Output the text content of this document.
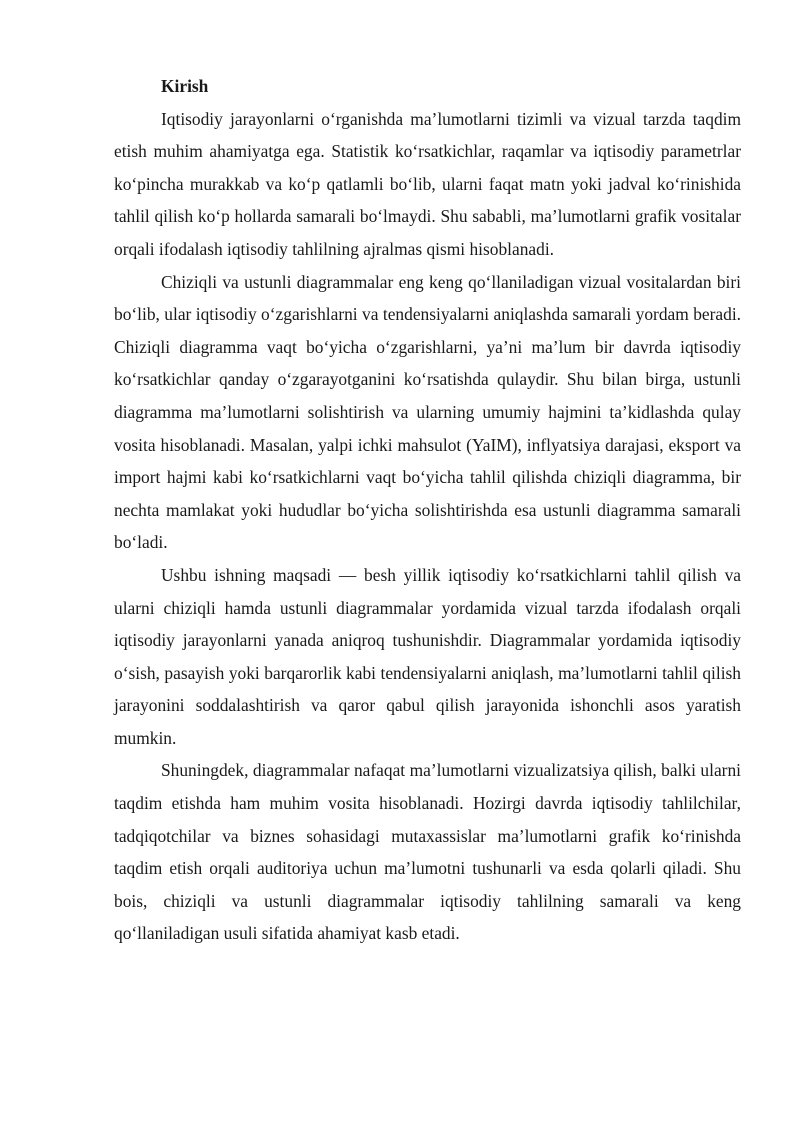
Kirish

Iqtisodiy jarayonlarni o‘rganishda ma’lumotlarni tizimli va vizual tarzda taqdim etish muhim ahamiyatga ega. Statistik ko‘rsatkichlar, raqamlar va iqtisodiy parametrlar ko‘pincha murakkab va ko‘p qatlamli bo‘lib, ularni faqat matn yoki jadval ko‘rinishida tahlil qilish ko‘p hollarda samarali bo‘lmaydi. Shu sababli, ma’lumotlarni grafik vositalar orqali ifodalash iqtisodiy tahlilning ajralmas qismi hisoblanadi.

Chiziqli va ustunli diagrammalar eng keng qo‘llaniladigan vizual vositalardan biri bo‘lib, ular iqtisodiy o‘zgarishlarni va tendensiyalarni aniqlashda samarali yordam beradi. Chiziqli diagramma vaqt bo‘yicha o‘zgarishlarni, ya’ni ma’lum bir davrda iqtisodiy ko‘rsatkichlar qanday o‘zgarayotganini ko‘rsatishda qulaydir. Shu bilan birga, ustunli diagramma ma’lumotlarni solishtirish va ularning umumiy hajmini ta’kidlashda qulay vosita hisoblanadi. Masalan, yalpi ichki mahsulot (YaIM), inflyatsiya darajasi, eksport va import hajmi kabi ko‘rsatkichlarni vaqt bo‘yicha tahlil qilishda chiziqli diagramma, bir nechta mamlakat yoki hududlar bo‘yicha solishtirishda esa ustunli diagramma samarali bo‘ladi.

Ushbu ishning maqsadi — besh yillik iqtisodiy ko‘rsatkichlarni tahlil qilish va ularni chiziqli hamda ustunli diagrammalar yordamida vizual tarzda ifodalash orqali iqtisodiy jarayonlarni yanada aniqroq tushunishdir. Diagrammalar yordamida iqtisodiy o‘sish, pasayish yoki barqarorlik kabi tendensiyalarni aniqlash, ma’lumotlarni tahlil qilish jarayonini soddalashtirish va qaror qabul qilish jarayonida ishonchli asos yaratish mumkin.

Shuningdek, diagrammalar nafaqat ma’lumotlarni vizualizatsiya qilish, balki ularni taqdim etishda ham muhim vosita hisoblanadi. Hozirgi davrda iqtisodiy tahlilchilar, tadqiqotchilar va biznes sohasidagi mutaxassislar ma’lumotlarni grafik ko‘rinishda taqdim etish orqali auditoriya uchun ma’lumotni tushunarli va esda qolarli qiladi. Shu bois, chiziqli va ustunli diagrammalar iqtisodiy tahlilning samarali va keng qo‘llaniladigan usuli sifatida ahamiyat kasb etadi.
